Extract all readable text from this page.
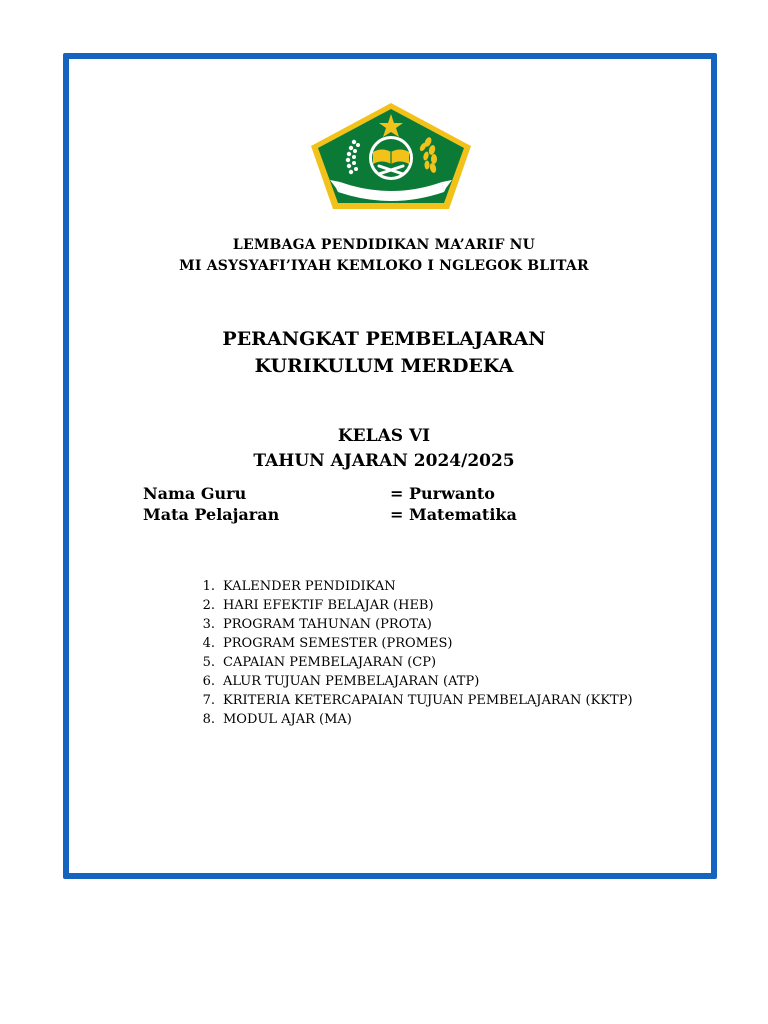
LEMBAGA PENDIDIKAN MA’ARIF NU
MI ASYSYAFI’IYAH KEMLOKO I NGLEGOK BLITAR
PERANGKAT PEMBELAJARAN
KURIKULUM MERDEKA
KELAS VI
TAHUN AJARAN 2024/2025
Nama Guru	= Purwanto
Mata Pelajaran	= Matematika
1. KALENDER PENDIDIKAN
2. HARI EFEKTIF BELAJAR (HEB)
3. PROGRAM TAHUNAN (PROTA)
4. PROGRAM SEMESTER (PROMES)
5. CAPAIAN PEMBELAJARAN (CP)
6. ALUR TUJUAN PEMBELAJARAN (ATP)
7. KRITERIA KETERCAPAIAN TUJUAN PEMBELAJARAN (KKTP)
8. MODUL AJAR (MA)
